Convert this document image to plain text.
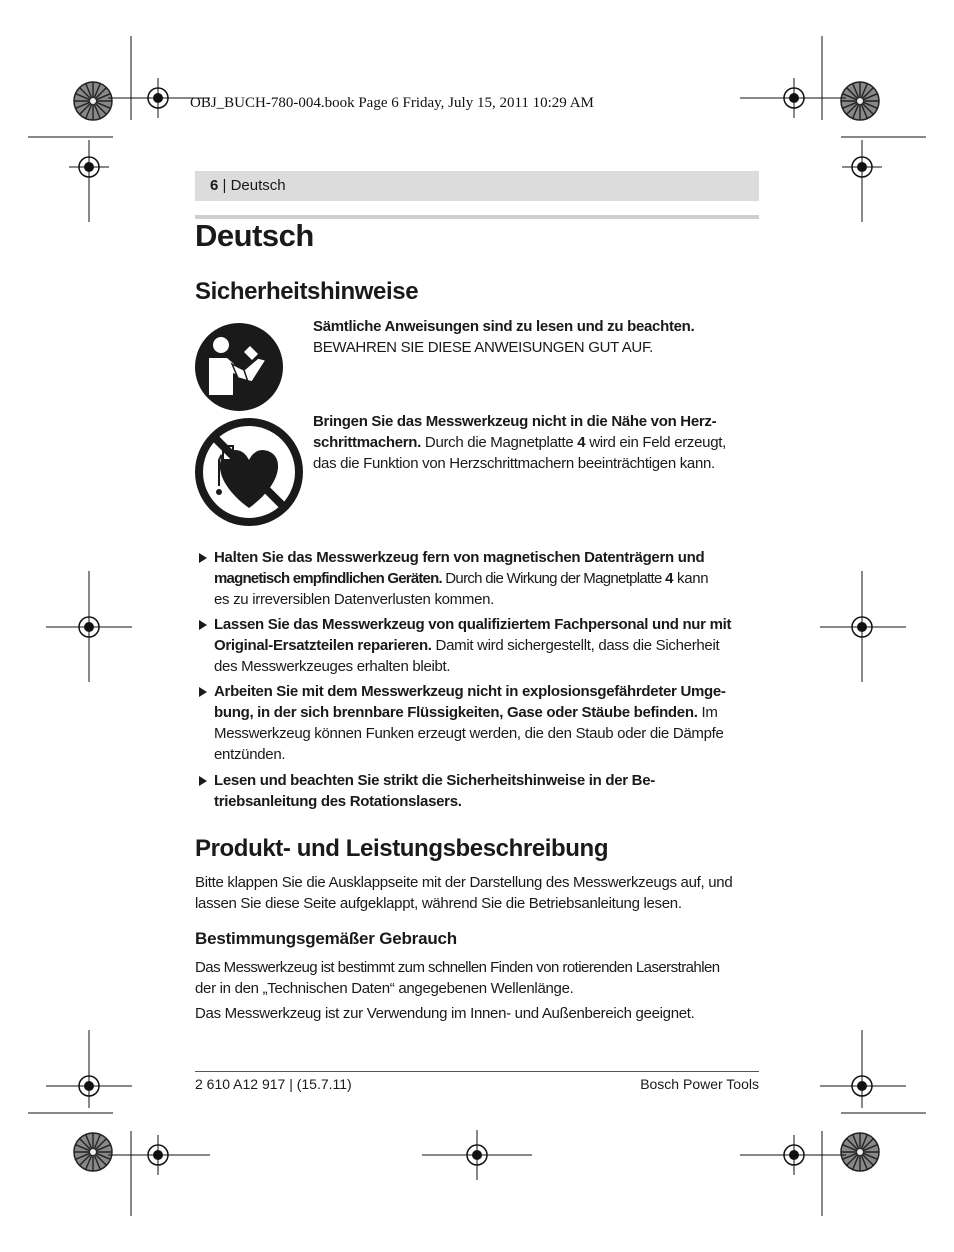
OBJ_BUCH-780-004.book Page 6 Friday, July 15, 2011 10:29 AM
6 | Deutsch
Deutsch
Sicherheitshinweise

Sämtliche Anweisungen sind zu lesen und zu beachten.
BEWAHREN SIE DIESE ANWEISUNGEN GUT AUF.

Bringen Sie das Messwerkzeug nicht in die Nähe von Herz-
schrittmachern. Durch die Magnetplatte 4 wird ein Feld erzeugt,
das die Funktion von Herzschrittmachern beeinträchtigen kann.

Halten Sie das Messwerkzeug fern von magnetischen Datenträgern und
magnetisch empfindlichen Geräten. Durch die Wirkung der Magnetplatte 4 kann
es zu irreversiblen Datenverlusten kommen.

Lassen Sie das Messwerkzeug von qualifiziertem Fachpersonal und nur mit
Original-Ersatzteilen reparieren. Damit wird sichergestellt, dass die Sicherheit
des Messwerkzeuges erhalten bleibt.

Arbeiten Sie mit dem Messwerkzeug nicht in explosionsgefährdeter Umge-
bung, in der sich brennbare Flüssigkeiten, Gase oder Stäube befinden. Im
Messwerkzeug können Funken erzeugt werden, die den Staub oder die Dämpfe
entzünden.

Lesen und beachten Sie strikt die Sicherheitshinweise in der Be-
triebsanleitung des Rotationslasers.

Produkt- und Leistungsbeschreibung

Bitte klappen Sie die Ausklappseite mit der Darstellung des Messwerkzeugs auf, und
lassen Sie diese Seite aufgeklappt, während Sie die Betriebsanleitung lesen.

Bestimmungsgemäßer Gebrauch

Das Messwerkzeug ist bestimmt zum schnellen Finden von rotierenden Laserstrahlen
der in den „Technischen Daten“ angegebenen Wellenlänge.

Das Messwerkzeug ist zur Verwendung im Innen- und Außenbereich geeignet.

2 610 A12 917 | (15.7.11)	Bosch Power Tools
